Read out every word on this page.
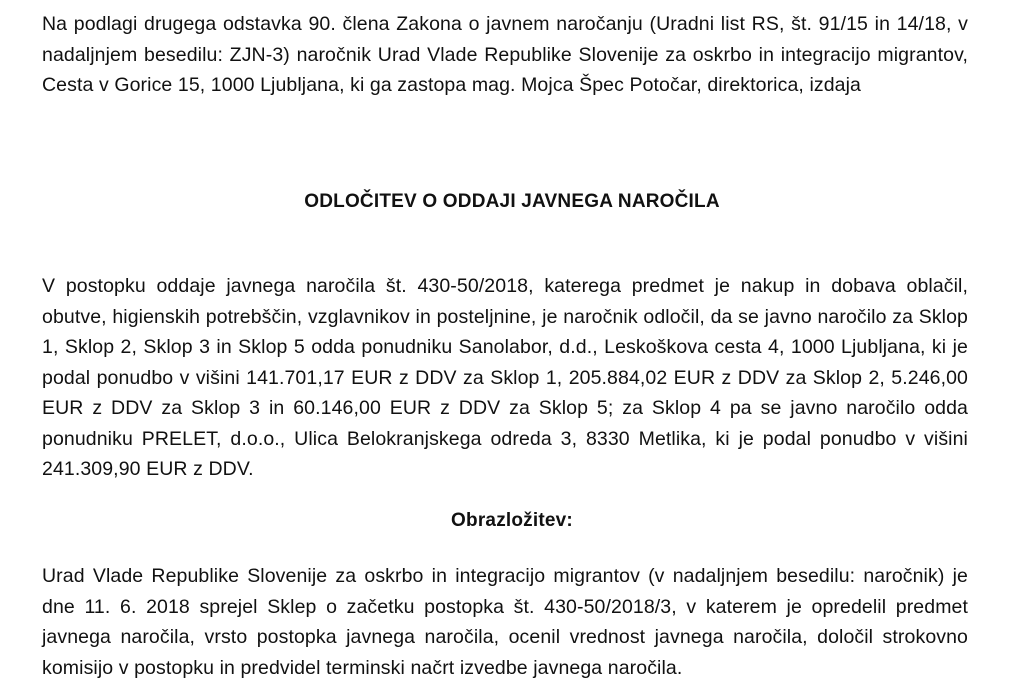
Na podlagi drugega odstavka 90. člena Zakona o javnem naročanju (Uradni list RS, št. 91/15 in 14/18, v nadaljnjem besedilu: ZJN-3) naročnik Urad Vlade Republike Slovenije za oskrbo in integracijo migrantov, Cesta v Gorice 15, 1000 Ljubljana, ki ga zastopa mag. Mojca Špec Potočar, direktorica, izdaja

ODLOČITEV O ODDAJI JAVNEGA NAROČILA

V postopku oddaje javnega naročila št. 430-50/2018, katerega predmet je nakup in dobava oblačil, obutve, higienskih potrebščin, vzglavnikov in posteljnine, je naročnik odločil, da se javno naročilo za Sklop 1, Sklop 2, Sklop 3 in Sklop 5 odda ponudniku Sanolabor, d.d., Leskoškova cesta 4, 1000 Ljubljana, ki je podal ponudbo v višini 141.701,17 EUR z DDV za Sklop 1, 205.884,02 EUR z DDV za Sklop 2, 5.246,00 EUR z DDV za Sklop 3 in 60.146,00 EUR z DDV za Sklop 5; za Sklop 4 pa se javno naročilo odda ponudniku PRELET, d.o.o., Ulica Belokranjskega odreda 3, 8330 Metlika, ki je podal ponudbo v višini 241.309,90 EUR z DDV.

Obrazložitev:

Urad Vlade Republike Slovenije za oskrbo in integracijo migrantov (v nadaljnjem besedilu: naročnik) je dne 11. 6. 2018 sprejel Sklep o začetku postopka št. 430-50/2018/3, v katerem je opredelil predmet javnega naročila, vrsto postopka javnega naročila, ocenil vrednost javnega naročila, določil strokovno komisijo v postopku in predvidel terminski načrt izvedbe javnega naročila.
